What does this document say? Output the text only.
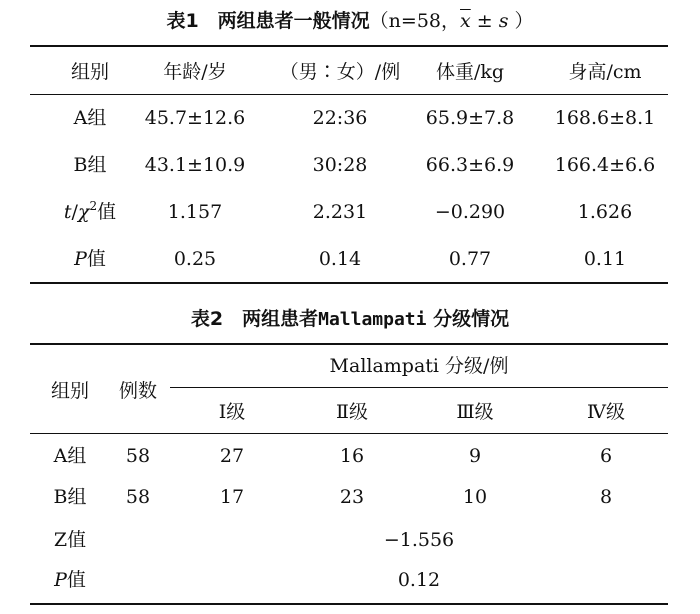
表1　两组患者一般情况（n=58，$\overline{x} \pm s$ ）
组别	年龄/岁	（男∶女）/例	体重/kg	身高/cm
A组	45.7±12.6	22:36	65.9±7.8	168.6±8.1
B组	43.1±10.9	30:28	66.3±6.9	166.4±6.6
$t/\chi^2$值	1.157	2.231	−0.290	1.626
P值	0.25	0.14	0.77	0.11
表2　两组患者Mallampati 分级情况
组别	例数
Mallampati 分级/例
Ⅰ级	Ⅱ级	Ⅲ级	Ⅳ级
A组	58	27	16	9	6
B组	58	17	23	10	8
Z值	−1.556
P值	0.12
